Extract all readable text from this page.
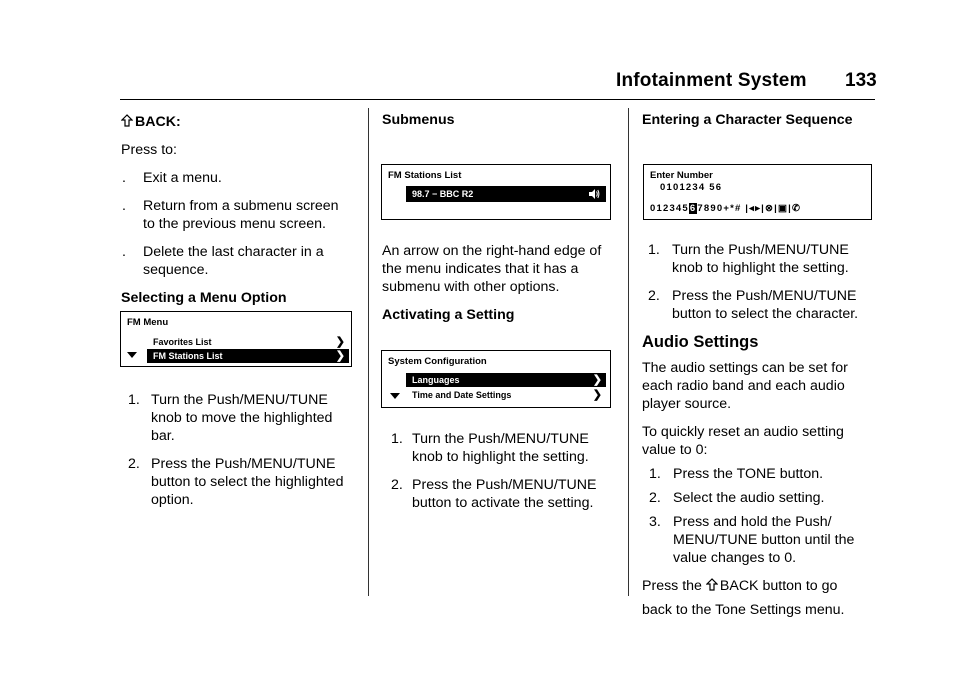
Infotainment System 133

BACK:

Press to:

. Exit a menu.
. Return from a submenu screen to the previous menu screen.
. Delete the last character in a sequence.

Selecting a Menu Option

FM Menu
Favorites List	❯
FM Stations List	❯
1. Turn the Push/MENU/TUNE knob to move the highlighted bar.
2. Press the Push/MENU/TUNE button to select the highlighted option.

Submenus

FM Stations List
98.7 − BBC R2

An arrow on the right-hand edge of the menu indicates that it has a submenu with other options.

Activating a Setting

System Configuration
Languages	❯
Time and Date Settings	❯
1. Turn the Push/MENU/TUNE knob to highlight the setting.
2. Press the Push/MENU/TUNE button to activate the setting.

Entering a Character Sequence

Enter Number
0101234 56
01234567890+*# |◂▸|⊗|▣|✆
1. Turn the Push/MENU/TUNE knob to highlight the setting.
2. Press the Push/MENU/TUNE button to select the character.
Audio Settings

The audio settings can be set for each radio band and each audio player source.

To quickly reset an audio setting value to 0:

1. Press the TONE button.
2. Select the audio setting.
3. Press and hold the Push/ MENU/TUNE button until the value changes to 0.

Press the BACK button to go

back to the Tone Settings menu.
